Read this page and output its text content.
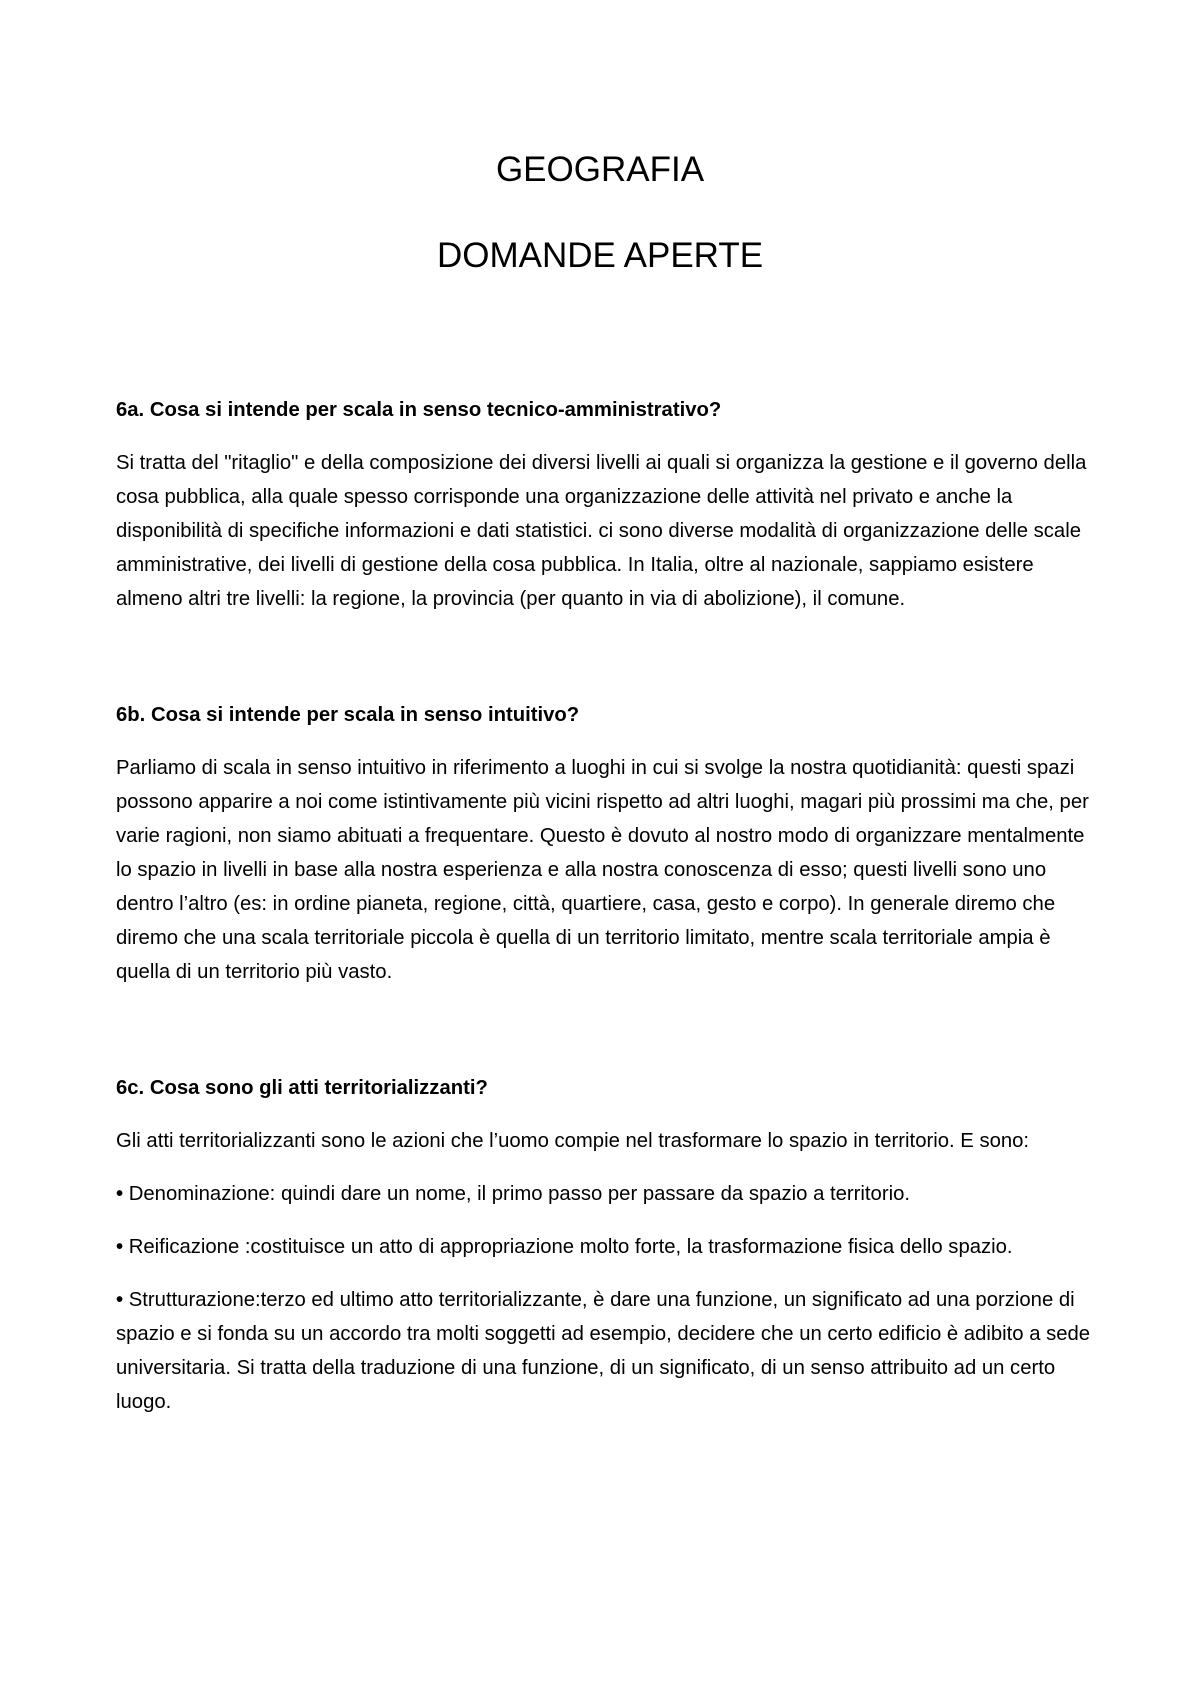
GEOGRAFIA
DOMANDE APERTE

6a. Cosa si intende per scala in senso tecnico-amministrativo?

Si tratta del "ritaglio" e della composizione dei diversi livelli ai quali si organizza la gestione e il governo della cosa pubblica, alla quale spesso corrisponde una organizzazione delle attività nel privato e anche la disponibilità di specifiche informazioni e dati statistici. ci sono diverse modalità di organizzazione delle scale amministrative, dei livelli di gestione della cosa pubblica. In Italia, oltre al nazionale, sappiamo esistere almeno altri tre livelli: la regione, la provincia (per quanto in via di abolizione), il comune.

6b. Cosa si intende per scala in senso intuitivo?

Parliamo di scala in senso intuitivo in riferimento a luoghi in cui si svolge la nostra quotidianità: questi spazi possono apparire a noi come istintivamente più vicini rispetto ad altri luoghi, magari più prossimi ma che, per varie ragioni, non siamo abituati a frequentare. Questo è dovuto al nostro modo di organizzare mentalmente lo spazio in livelli in base alla nostra esperienza e alla nostra conoscenza di esso; questi livelli sono uno dentro l’altro (es: in ordine pianeta, regione, città, quartiere, casa, gesto e corpo). In generale diremo che diremo che una scala territoriale piccola è quella di un territorio limitato, mentre scala territoriale ampia è quella di un territorio più vasto.

6c. Cosa sono gli atti territorializzanti?

Gli atti territorializzanti sono le azioni che l’uomo compie nel trasformare lo spazio in territorio. E sono:

• Denominazione: quindi dare un nome, il primo passo per passare da spazio a territorio.

• Reificazione :costituisce un atto di appropriazione molto forte, la trasformazione fisica dello spazio.

• Strutturazione:terzo ed ultimo atto territorializzante, è dare una funzione, un significato ad una porzione di spazio e si fonda su un accordo tra molti soggetti ad esempio, decidere che un certo edificio è adibito a sede universitaria. Si tratta della traduzione di una funzione, di un significato, di un senso attribuito ad un certo luogo.
